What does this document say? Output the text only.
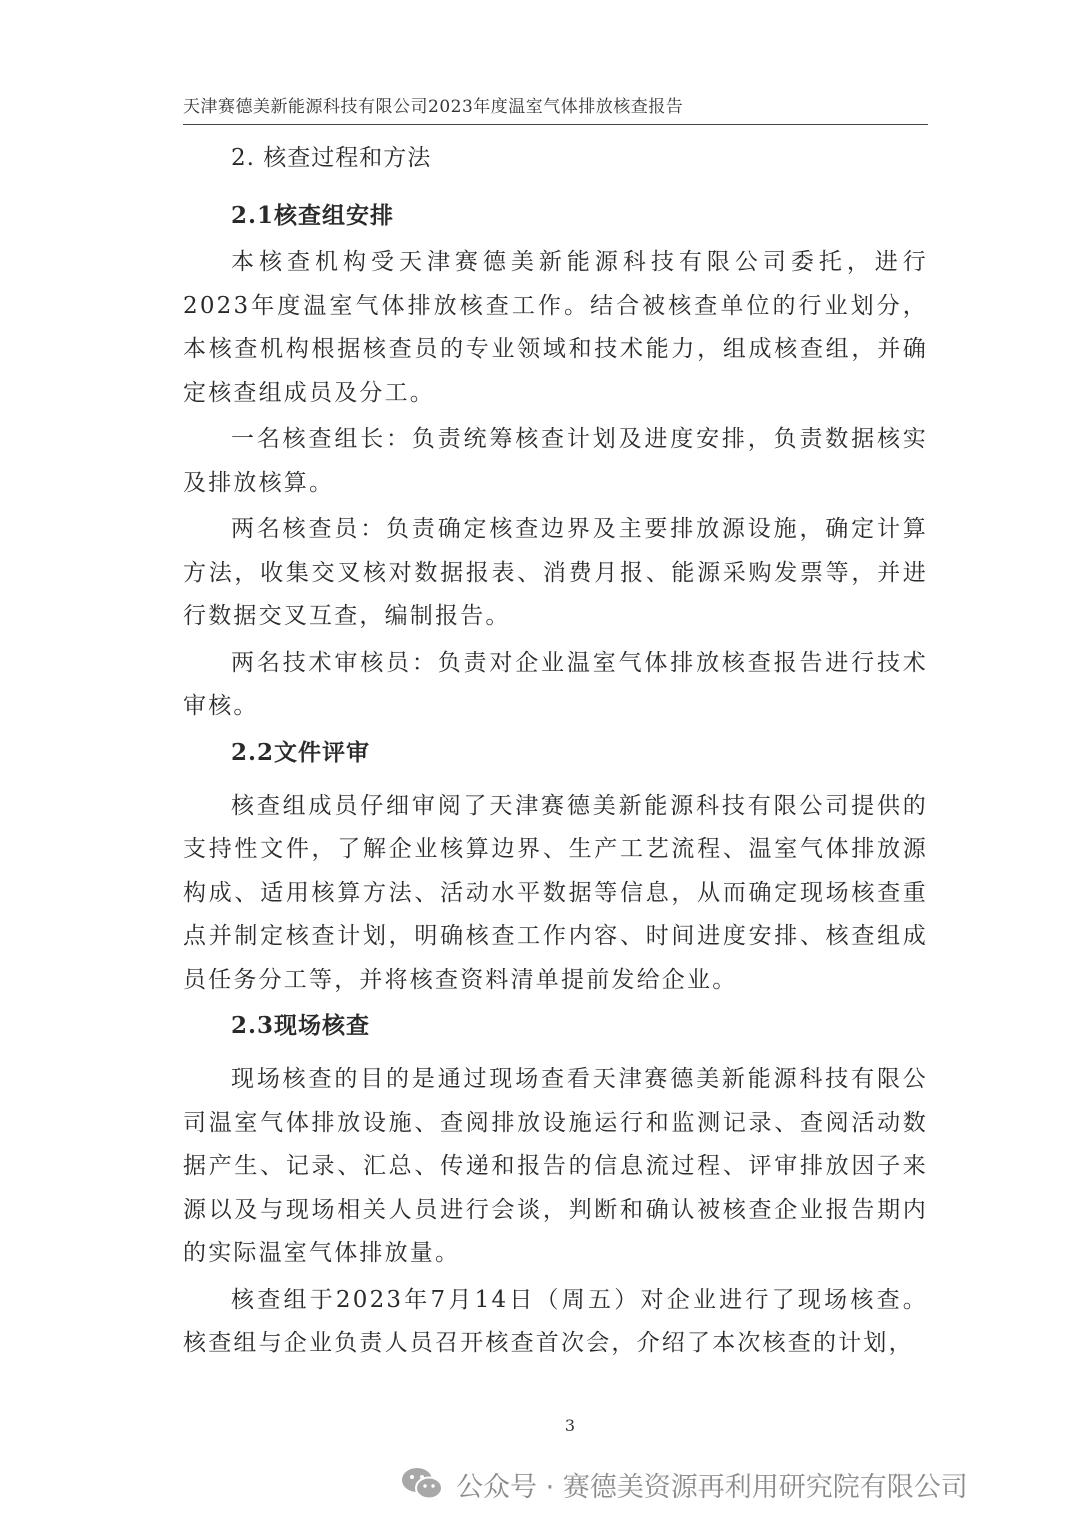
天津赛德美新能源科技有限公司2023年度温室气体排放核查报告
2. 核查过程和方法
2.1核查组安排

本核查机构受天津赛德美新能源科技有限公司委托，进行2023年度温室气体排放核查工作。结合被核查单位的行业划分，本核查机构根据核查员的专业领域和技术能力，组成核查组，并确定核查组成员及分工。

一名核查组长：负责统筹核查计划及进度安排，负责数据核实及排放核算。

两名核查员：负责确定核查边界及主要排放源设施，确定计算方法，收集交叉核对数据报表、消费月报、能源采购发票等，并进行数据交叉互查，编制报告。

两名技术审核员：负责对企业温室气体排放核查报告进行技术审核。

2.2文件评审

核查组成员仔细审阅了天津赛德美新能源科技有限公司提供的支持性文件，了解企业核算边界、生产工艺流程、温室气体排放源构成、适用核算方法、活动水平数据等信息，从而确定现场核查重点并制定核查计划，明确核查工作内容、时间进度安排、核查组成员任务分工等，并将核查资料清单提前发给企业。

2.3现场核查

现场核查的目的是通过现场查看天津赛德美新能源科技有限公司温室气体排放设施、查阅排放设施运行和监测记录、查阅活动数据产生、记录、汇总、传递和报告的信息流过程、评审排放因子来源以及与现场相关人员进行会谈，判断和确认被核查企业报告期内的实际温室气体排放量。

核查组于2023年7月14日（周五）对企业进行了现场核查。核查组与企业负责人员召开核查首次会，介绍了本次核查的计划，

3
公众号 · 赛德美资源再利用研究院有限公司
